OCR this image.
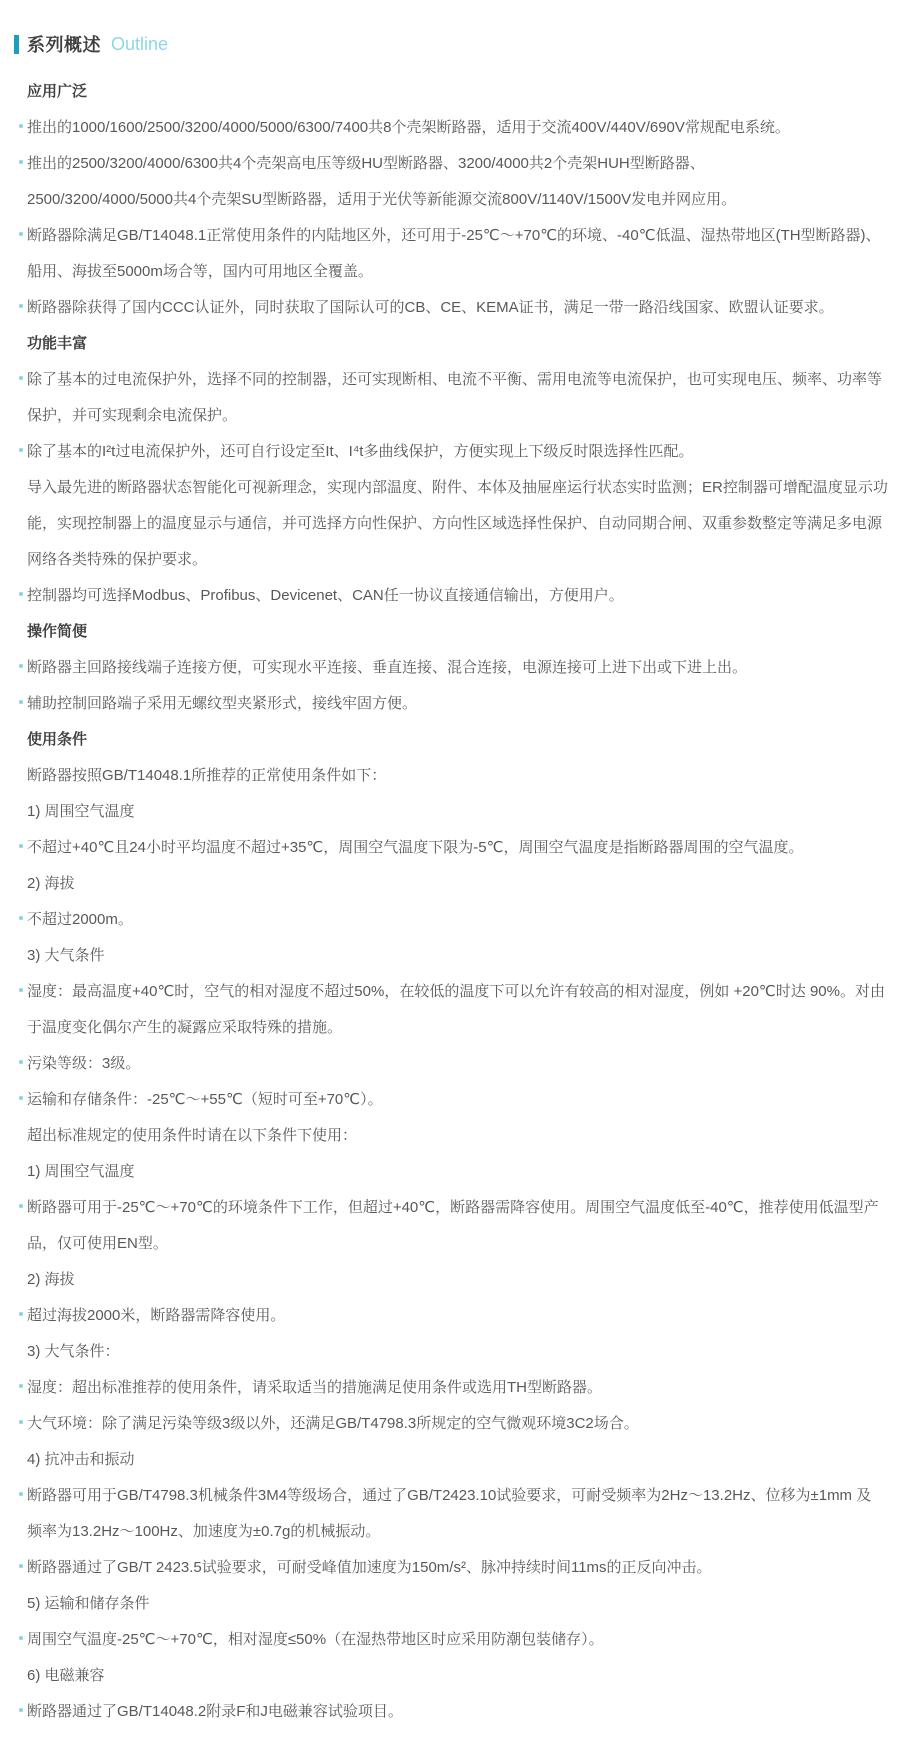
系列概述 Outline
应用广泛
推出的1000/1600/2500/3200/4000/5000/6300/7400共8个壳架断路器，适用于交流400V/440V/690V常规配电系统。
推出的2500/3200/4000/6300共4个壳架高电压等级HU型断路器、3200/4000共2个壳架HUH型断路器、
2500/3200/4000/5000共4个壳架SU型断路器，适用于光伏等新能源交流800V/1140V/1500V发电并网应用。
断路器除满足GB/T14048.1正常使用条件的内陆地区外，还可用于-25℃～+70℃的环境、-40℃低温、湿热带地区(TH型断路器)、
船用、海拔至5000m场合等，国内可用地区全覆盖。
断路器除获得了国内CCC认证外，同时获取了国际认可的CB、CE、KEMA证书，满足一带一路沿线国家、欧盟认证要求。
功能丰富
除了基本的过电流保护外，选择不同的控制器，还可实现断相、电流不平衡、需用电流等电流保护，也可实现电压、频率、功率等
保护，并可实现剩余电流保护。
除了基本的I²t过电流保护外，还可自行设定至It、I⁴t多曲线保护，方便实现上下级反时限选择性匹配。
导入最先进的断路器状态智能化可视新理念，实现内部温度、附件、本体及抽屉座运行状态实时监测；ER控制器可增配温度显示功
能，实现控制器上的温度显示与通信，并可选择方向性保护、方向性区域选择性保护、自动同期合闸、双重参数整定等满足多电源
网络各类特殊的保护要求。
控制器均可选择Modbus、Profibus、Devicenet、CAN任一协议直接通信输出，方便用户。
操作简便
断路器主回路接线端子连接方便，可实现水平连接、垂直连接、混合连接，电源连接可上进下出或下进上出。
辅助控制回路端子采用无螺纹型夹紧形式，接线牢固方便。
使用条件
断路器按照GB/T14048.1所推荐的正常使用条件如下：
1) 周围空气温度
不超过+40℃且24小时平均温度不超过+35℃，周围空气温度下限为-5℃，周围空气温度是指断路器周围的空气温度。
2) 海拔
不超过2000m。
3) 大气条件
湿度：最高温度+40℃时，空气的相对湿度不超过50%，在较低的温度下可以允许有较高的相对湿度，例如 +20℃时达 90%。对由
于温度变化偶尔产生的凝露应采取特殊的措施。
污染等级：3级。
运输和存储条件：-25℃～+55℃（短时可至+70℃）。
超出标准规定的使用条件时请在以下条件下使用：
1) 周围空气温度
断路器可用于-25℃～+70℃的环境条件下工作，但超过+40℃，断路器需降容使用。周围空气温度低至-40℃，推荐使用低温型产
品，仅可使用EN型。
2) 海拔
超过海拔2000米，断路器需降容使用。
3) 大气条件：
湿度：超出标准推荐的使用条件，请采取适当的措施满足使用条件或选用TH型断路器。
大气环境：除了满足污染等级3级以外，还满足GB/T4798.3所规定的空气微观环境3C2场合。
4) 抗冲击和振动
断路器可用于GB/T4798.3机械条件3M4等级场合，通过了GB/T2423.10试验要求，可耐受频率为2Hz～13.2Hz、位移为±1mm 及
频率为13.2Hz～100Hz、加速度为±0.7g的机械振动。
断路器通过了GB/T 2423.5试验要求，可耐受峰值加速度为150m/s²、脉冲持续时间11ms的正反向冲击。
5) 运输和储存条件
周围空气温度-25℃～+70℃，相对湿度≤50%（在湿热带地区时应采用防潮包装储存）。
6) 电磁兼容
断路器通过了GB/T14048.2附录F和J电磁兼容试验项目。
